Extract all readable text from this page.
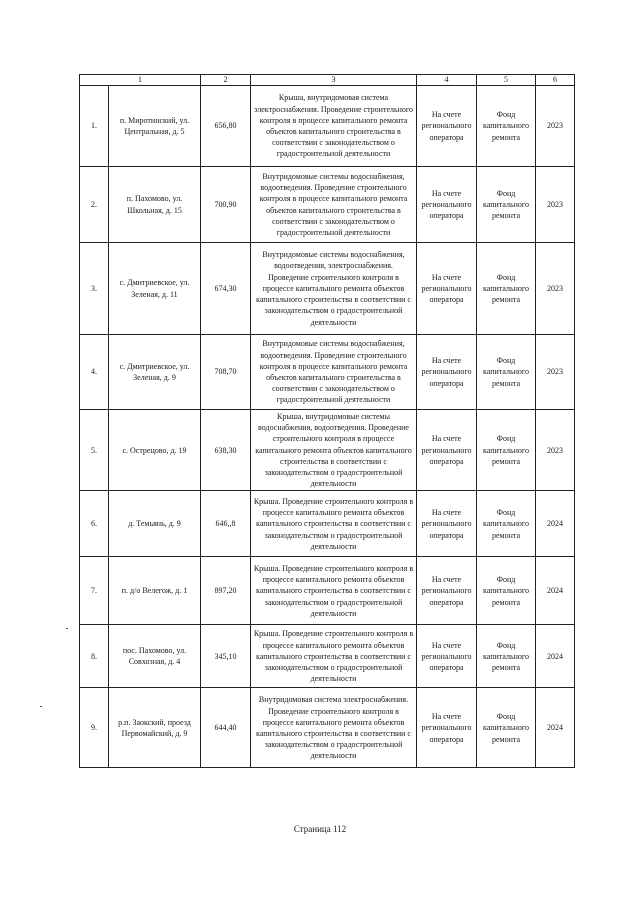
1		2	3	4	5	6
1.	п. Миротинский, ул. Центральная, д. 5	656,80	Крыша, внутридомовая система электроснабжения. Проведение строительного контроля в процессе капитального ремонта объектов капитального строительства в соответствии с законодательством о градостроительной деятельности	На счете регионального оператора	Фонд капитального ремонта	2023
2.	п. Пахомово, ул. Школьная, д. 15	700,90	Внутридомовые системы водоснабжения, водоотведения. Проведение строительного контроля в процессе капитального ремонта объектов капитального строительства в соответствии с законодательством о градостроительной деятельности	На счете регионального оператора	Фонд капитального ремонта	2023
3.	с. Дмитриевское, ул. Зеленая, д. 11	674,30	Внутридомовые системы водоснабжения, водоотведения, электроснабжения. Проведение строительного контроля в процессе капитального ремонта объектов капитального строительства в соответствии с законодательством о градостроительной деятельности	На счете регионального оператора	Фонд капитального ремонта	2023
4.	с. Дмитриевское, ул. Зеленая, д. 9	708,70	Внутридомовые системы водоснабжения, водоотведения. Проведение строительного контроля в процессе капитального ремонта объектов капитального строительства в соответствии с законодательством о градостроительной деятельности	На счете регионального оператора	Фонд капитального ремонта	2023
5.	с. Острецово, д. 19	638,30	Крыша, внутридомовые системы водоснабжения, водоотведения. Проведение строительного контроля в процессе капитального ремонта объектов капитального строительства в соответствии с законодательством о градостроительной деятельности	На счете регионального оператора	Фонд капитального ремонта	2023
6.	д. Темьянь, д. 9	646,,8	Крыша. Проведение строительного контроля в процессе капитального ремонта объектов капитального строительства в соответствии с законодательством о градостроительной деятельности	На счете регионального оператора	Фонд капитального ремонта	2024
7.	п. д/о Велегож, д. 1	897,20	Крыша. Проведение строительного контроля в процессе капитального ремонта объектов капитального строительства в соответствии с законодательством о градостроительной деятельности	На счете регионального оператора	Фонд капитального ремонта	2024
8.	пос. Пахомово, ул. Совхозная, д. 4	345,10	Крыша. Проведение строительного контроля в процессе капитального ремонта объектов капитального строительства в соответствии с законодательством о градостроительной деятельности	На счете регионального оператора	Фонд капитального ремонта	2024
9.	р.п. Заокский, проезд Первомайский, д. 9	644,40	Внутридомовая система электроснабжения. Проведение строительного контроля в процессе капитального ремонта объектов капитального строительства в соответствии с законодательством о градостроительной деятельности	На счете регионального оператора	Фонд капитального ремонта	2024
Страница 112
